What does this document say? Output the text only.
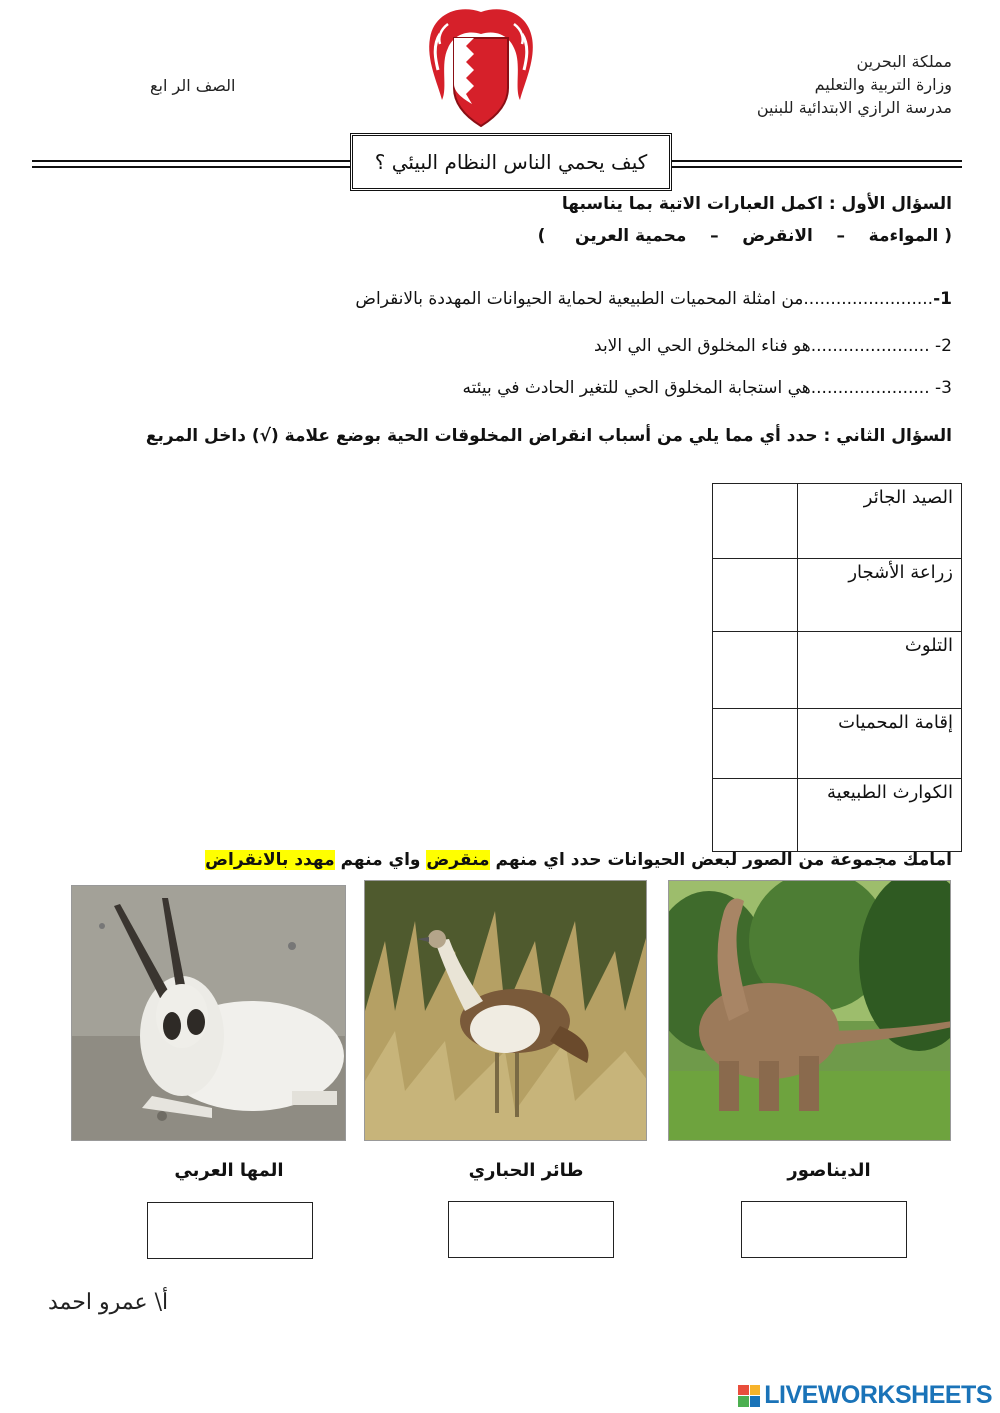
مملكة البحرين
وزارة التربية والتعليم
مدرسة الرازي الابتدائية للبنين
الصف الر ابع
كيف يحمي الناس النظام البيئي ؟
السؤال الأول : اكمل العبارات الاتية بما يناسبها
( المواءمة    –    الانقرض    –    محمية العرين     )
1-........................من امثلة المحميات الطبيعية لحماية الحيوانات المهددة بالانقراض
2- ......................هو فناء المخلوق الحي الي الابد
3- ......................هي استجابة المخلوق الحي للتغير الحادث في بيئته
السؤال الثاني : حدد أي مما يلي من أسباب انقراض المخلوقات الحية بوضع علامة (√) داخل المربع
الصيد الجائر	
زراعة الأشجار	
التلوث	
إقامة المحميات	
الكوارث الطبيعية	
امامك مجموعة من الصور لبعض الحيوانات حدد اي منهم منقرض واي منهم مهدد بالانقراض
الديناصور
طائر الحباري
المها العربي
أ\ عمرو احمد
LIVEWORKSHEETS
